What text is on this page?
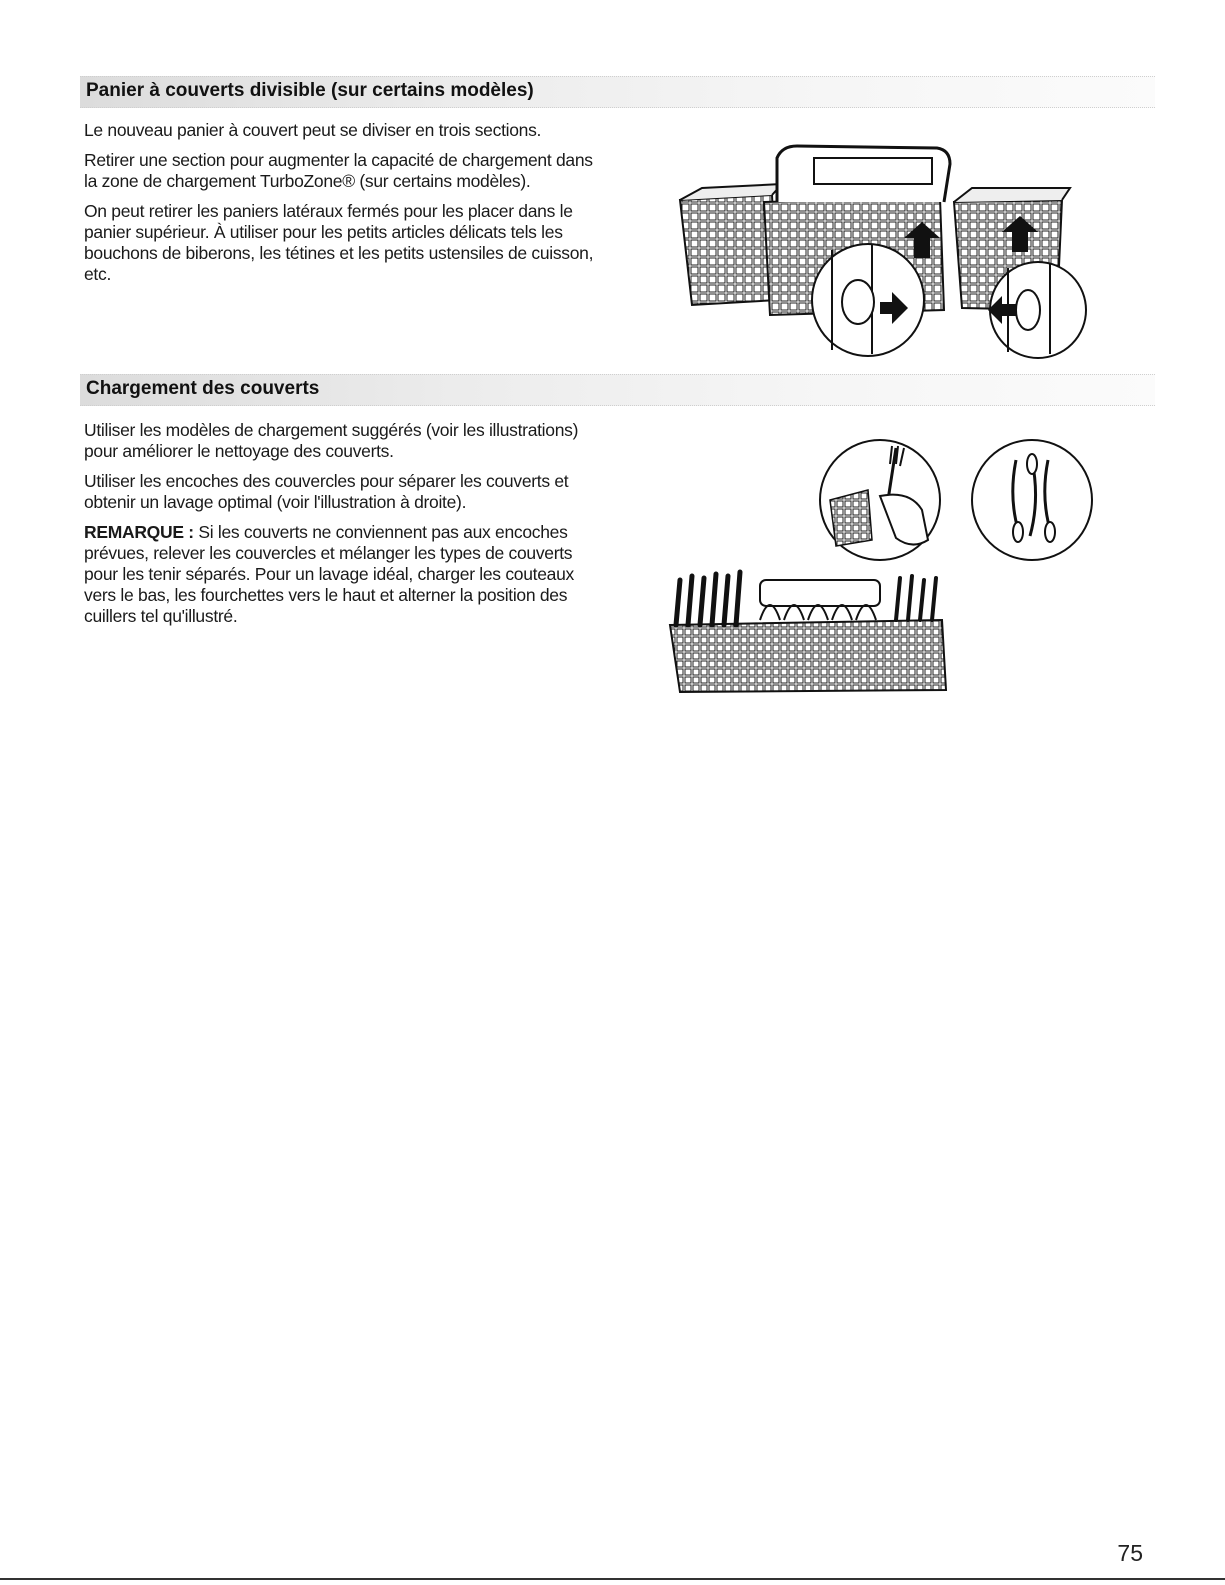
Panier à couverts divisible (sur certains modèles)

Le nouveau panier à couvert peut se diviser en trois sections.

Retirer une section pour augmenter la capacité de chargement dans la zone de chargement TurboZone® (sur certains modèles).

On peut retirer les paniers latéraux fermés pour les placer dans le panier supérieur. À utiliser pour les petits articles délicats tels les bouchons de biberons, les tétines et les petits ustensiles de cuisson, etc.

Chargement des couverts

Utiliser les modèles de chargement suggérés (voir les illustrations) pour améliorer le nettoyage des couverts.

Utiliser les encoches des couvercles pour séparer les couverts et obtenir un lavage optimal (voir l'illustration à droite).

REMARQUE : Si les couverts ne conviennent pas aux encoches prévues, relever les couvercles et mélanger les types de couverts pour les tenir séparés. Pour un lavage idéal, charger les couteaux vers le bas, les fourchettes vers le haut et alterner la position des cuillers tel qu'illustré.

75
